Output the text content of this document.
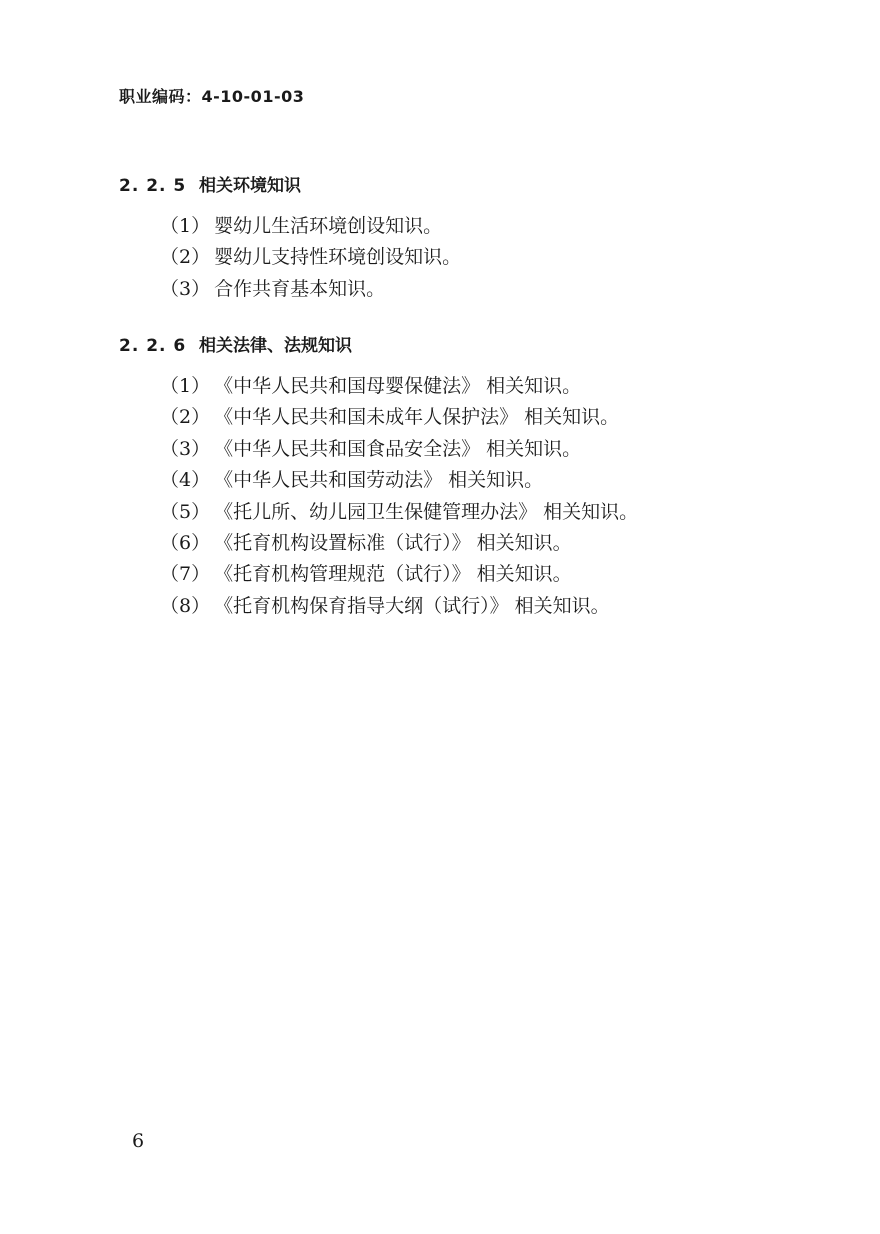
职业编码：4-10-01-03
2. 2. 5 相关环境知识
（1） 婴幼儿生活环境创设知识。
（2） 婴幼儿支持性环境创设知识。
（3） 合作共育基本知识。
2. 2. 6 相关法律、法规知识
（1） 《中华人民共和国母婴保健法》 相关知识。
（2） 《中华人民共和国未成年人保护法》 相关知识。
（3） 《中华人民共和国食品安全法》 相关知识。
（4） 《中华人民共和国劳动法》 相关知识。
（5） 《托儿所、幼儿园卫生保健管理办法》 相关知识。
（6） 《托育机构设置标准（试行）》 相关知识。
（7） 《托育机构管理规范（试行）》 相关知识。
（8） 《托育机构保育指导大纲（试行）》 相关知识。
6
